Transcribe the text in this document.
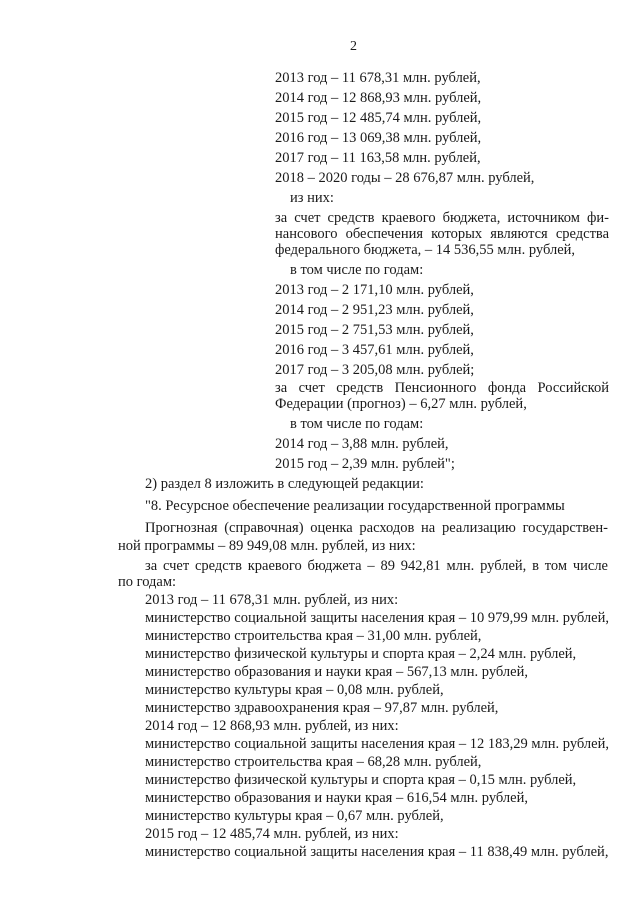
2
2013 год – 11 678,31 млн. рублей,
2014 год – 12 868,93 млн. рублей,
2015 год – 12 485,74 млн. рублей,
2016 год – 13 069,38 млн. рублей,
2017 год – 11 163,58 млн. рублей,
2018 – 2020 годы – 28 676,87 млн. рублей,
из них:
за счет средств краевого бюджета, источником фи-
нансового обеспечения которых являются средства
федерального бюджета, – 14 536,55 млн. рублей,
в том числе по годам:
2013 год – 2 171,10 млн. рублей,
2014 год – 2 951,23 млн. рублей,
2015 год – 2 751,53 млн. рублей,
2016 год – 3 457,61 млн. рублей,
2017 год – 3 205,08 млн. рублей;
за счет средств Пенсионного фонда Российской
Федерации (прогноз) – 6,27 млн. рублей,
в том числе по годам:
2014 год – 3,88 млн. рублей,
2015 год – 2,39 млн. рублей";
2) раздел 8 изложить в следующей редакции:
"8. Ресурсное обеспечение реализации государственной программы
Прогнозная (справочная) оценка расходов на реализацию государствен-
ной программы – 89 949,08 млн. рублей, из них:
за счет средств краевого бюджета – 89 942,81 млн. рублей, в том числе
по годам:
2013 год – 11 678,31 млн. рублей, из них:
министерство социальной защиты населения края – 10 979,99 млн. рублей,
министерство строительства края – 31,00 млн. рублей,
министерство физической культуры и спорта края – 2,24 млн. рублей,
министерство образования и науки края – 567,13 млн. рублей,
министерство культуры края – 0,08 млн. рублей,
министерство здравоохранения края – 97,87 млн. рублей,
2014 год – 12 868,93 млн. рублей, из них:
министерство социальной защиты населения края – 12 183,29 млн. рублей,
министерство строительства края – 68,28 млн. рублей,
министерство физической культуры и спорта края – 0,15 млн. рублей,
министерство образования и науки края – 616,54 млн. рублей,
министерство культуры края – 0,67 млн. рублей,
2015 год – 12 485,74 млн. рублей, из них:
министерство социальной защиты населения края – 11 838,49 млн. рублей,
